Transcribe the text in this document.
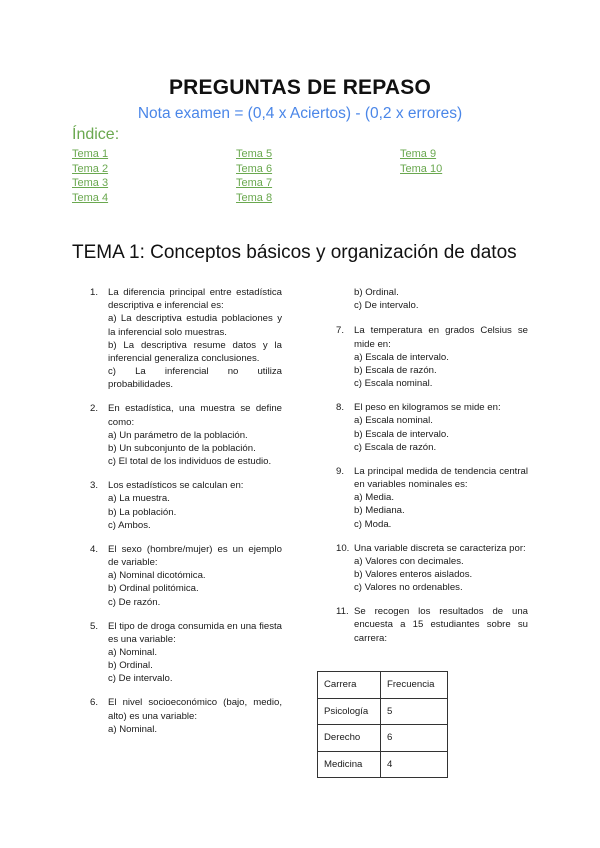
PREGUNTAS DE REPASO
Nota examen = (0,4 x Aciertos) - (0,2 x errores)
Índice:
Tema 1
Tema 2
Tema 3
Tema 4
Tema 5
Tema 6
Tema 7
Tema 8
Tema 9
Tema 10
TEMA 1: Conceptos básicos y organización de datos
1.	La diferencia principal entre estadística descriptiva e inferencial es:
a) La descriptiva estudia poblaciones y la inferencial solo muestras.
b) La descriptiva resume datos y la inferencial generaliza conclusiones.
c) La inferencial no utiliza probabilidades.
2.	En estadística, una muestra se define como:
a) Un parámetro de la población.
b) Un subconjunto de la población.
c) El total de los individuos de estudio.
3.	Los estadísticos se calculan en:
a) La muestra.
b) La población.
c) Ambos.
4.	El sexo (hombre/mujer) es un ejemplo de variable:
a) Nominal dicotómica.
b) Ordinal politómica.
c) De razón.
5.	El tipo de droga consumida en una fiesta es una variable:
a) Nominal.
b) Ordinal.
c) De intervalo.
6.	El nivel socioeconómico (bajo, medio, alto) es una variable:
a) Nominal.
b) Ordinal.
c) De intervalo.
7.	La temperatura en grados Celsius se mide en:
a) Escala de intervalo.
b) Escala de razón.
c) Escala nominal.
8.	El peso en kilogramos se mide en:
a) Escala nominal.
b) Escala de intervalo.
c) Escala de razón.
9.	La principal medida de tendencia central en variables nominales es:
a) Media.
b) Mediana.
c) Moda.
10. Una variable discreta se caracteriza por:
a) Valores con decimales.
b) Valores enteros aislados.
c) Valores no ordenables.
11. Se recogen los resultados de una encuesta a 15 estudiantes sobre su carrera:
Carrera	Frecuencia
Psicología	5
Derecho	6
Medicina	4
